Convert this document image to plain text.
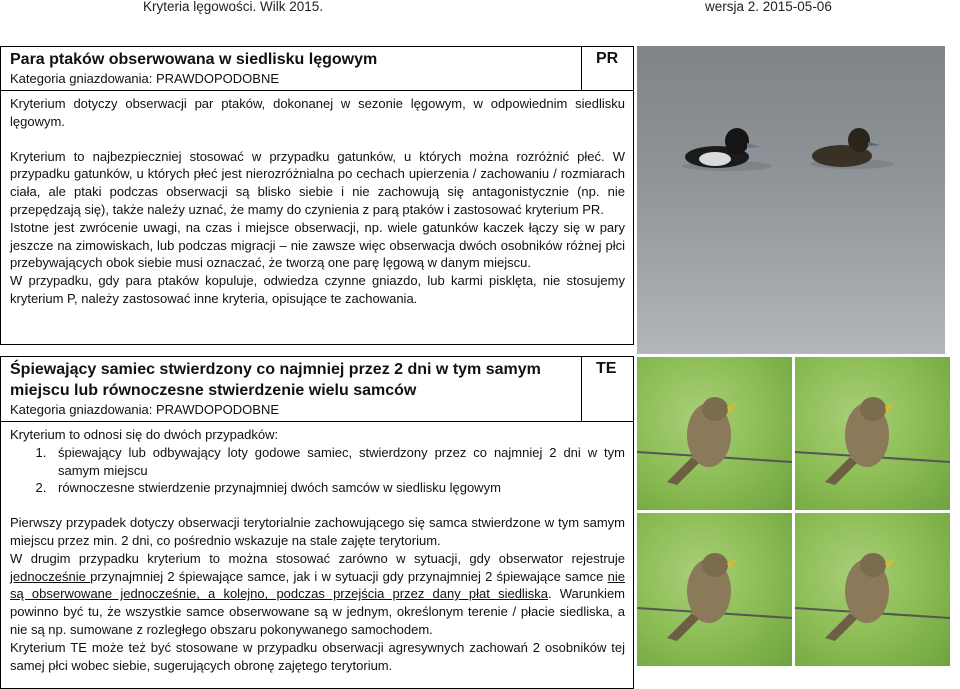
Kryteria lęgowości. Wilk 2015.	wersja 2. 2015-05-06
Para ptaków obserwowana w siedlisku lęgowym
Kategoria gniazdowania: PRAWDOPODOBNE
PR

Kryterium dotyczy obserwacji par ptaków, dokonanej w sezonie lęgowym, w odpowiednim siedlisku lęgowym.

Kryterium to najbezpieczniej stosować w przypadku gatunków, u których można rozróżnić płeć. W przypadku gatunków, u których płeć jest nierozróżnialna po cechach upierzenia / zachowaniu / rozmiarach ciała, ale ptaki podczas obserwacji są blisko siebie i nie zachowują się antagonistycznie (np. nie przepędzają się), także należy uznać, że mamy do czynienia z parą ptaków i zastosować kryterium PR.

Istotne jest zwrócenie uwagi, na czas i miejsce obserwacji, np. wiele gatunków kaczek łączy się w pary jeszcze na zimowiskach, lub podczas migracji – nie zawsze więc obserwacja dwóch osobników różnej płci przebywających obok siebie musi oznaczać, że tworzą one parę lęgową w danym miejscu.

W przypadku, gdy para ptaków kopuluje, odwiedza czynne gniazdo, lub karmi pisklęta, nie stosujemy kryterium P, należy zastosować inne kryteria, opisujące te zachowania.

Śpiewający samiec stwierdzony co najmniej przez 2 dni w tym samym miejscu lub równoczesne stwierdzenie wielu samców
Kategoria gniazdowania: PRAWDOPODOBNE
TE

Kryterium to odnosi się do dwóch przypadków:

1. śpiewający lub odbywający loty godowe samiec, stwierdzony przez co najmniej 2 dni w tym samym miejscu
2. równoczesne stwierdzenie przynajmniej dwóch samców w siedlisku lęgowym

Pierwszy przypadek dotyczy obserwacji terytorialnie zachowującego się samca stwierdzone w tym samym miejscu przez min. 2 dni, co pośrednio wskazuje na stale zajęte terytorium.

W drugim przypadku kryterium to można stosować zarówno w sytuacji, gdy obserwator rejestruje jednocześnie przynajmniej 2 śpiewające samce, jak i w sytuacji gdy przynajmniej 2 śpiewające samce nie są obserwowane jednocześnie, a kolejno, podczas przejścia przez dany płat siedliska. Warunkiem powinno być tu, że wszystkie samce obserwowane są w jednym, określonym terenie / płacie siedliska, a nie są np. sumowane z rozległego obszaru pokonywanego samochodem.

Kryterium TE może też być stosowane w przypadku obserwacji agresywnych zachowań 2 osobników tej samej płci wobec siebie, sugerujących obronę zajętego terytorium.
